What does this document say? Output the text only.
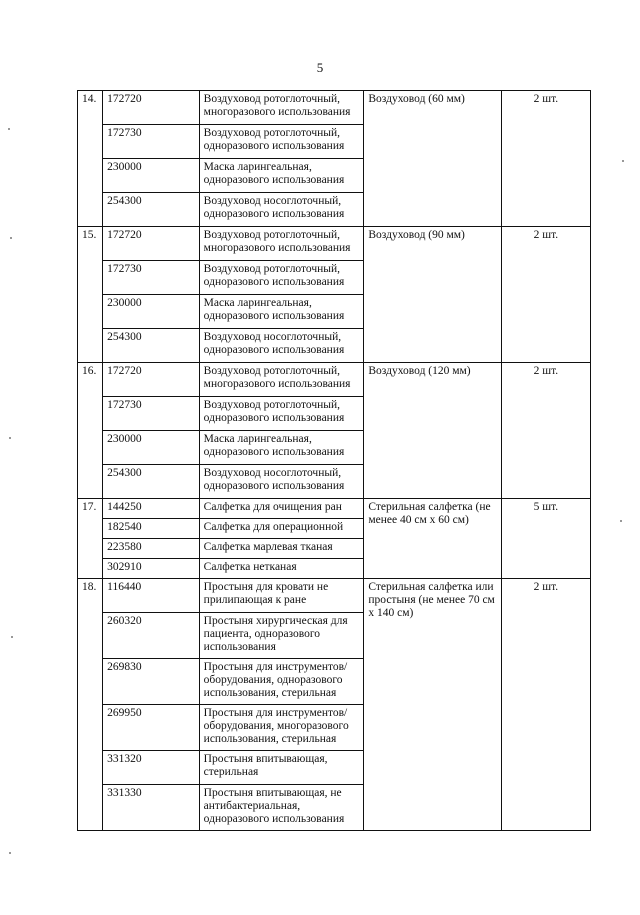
5
14.	172720	Воздуховод ротоглоточный, многоразового использования	Воздуховод (60 мм)	2 шт.
	172730	Воздуховод ротоглоточный, одноразового использования		
	230000	Маска ларингеальная, одноразового использования		
	254300	Воздуховод носоглоточный, одноразового использования		
15.	172720	Воздуховод ротоглоточный, многоразового использования	Воздуховод (90 мм)	2 шт.
	172730	Воздуховод ротоглоточный, одноразового использования		
	230000	Маска ларингеальная, одноразового использования		
	254300	Воздуховод носоглоточный, одноразового использования		
16.	172720	Воздуховод ротоглоточный, многоразового использования	Воздуховод (120 мм)	2 шт.
	172730	Воздуховод ротоглоточный, одноразового использования		
	230000	Маска ларингеальная, одноразового использования		
	254300	Воздуховод носоглоточный, одноразового использования		
17.	144250	Салфетка для очищения ран	Стерильная салфетка (не менее 40 см х 60 см)	5 шт.
	182540	Салфетка для операционной		
	223580	Салфетка марлевая тканая		
	302910	Салфетка нетканая		
18.	116440	Простыня для кровати не прилипающая к ране	Стерильная салфетка или простыня (не менее 70 см х 140 см)	2 шт.
	260320	Простыня хирургическая для пациента, одноразового использования		
	269830	Простыня для инструментов/ оборудования, одноразового использования, стерильная		
	269950	Простыня для инструментов/ оборудования, многоразового использования, стерильная		
	331320	Простыня впитывающая, стерильная		
	331330	Простыня впитывающая, не антибактериальная, одноразового использования		
